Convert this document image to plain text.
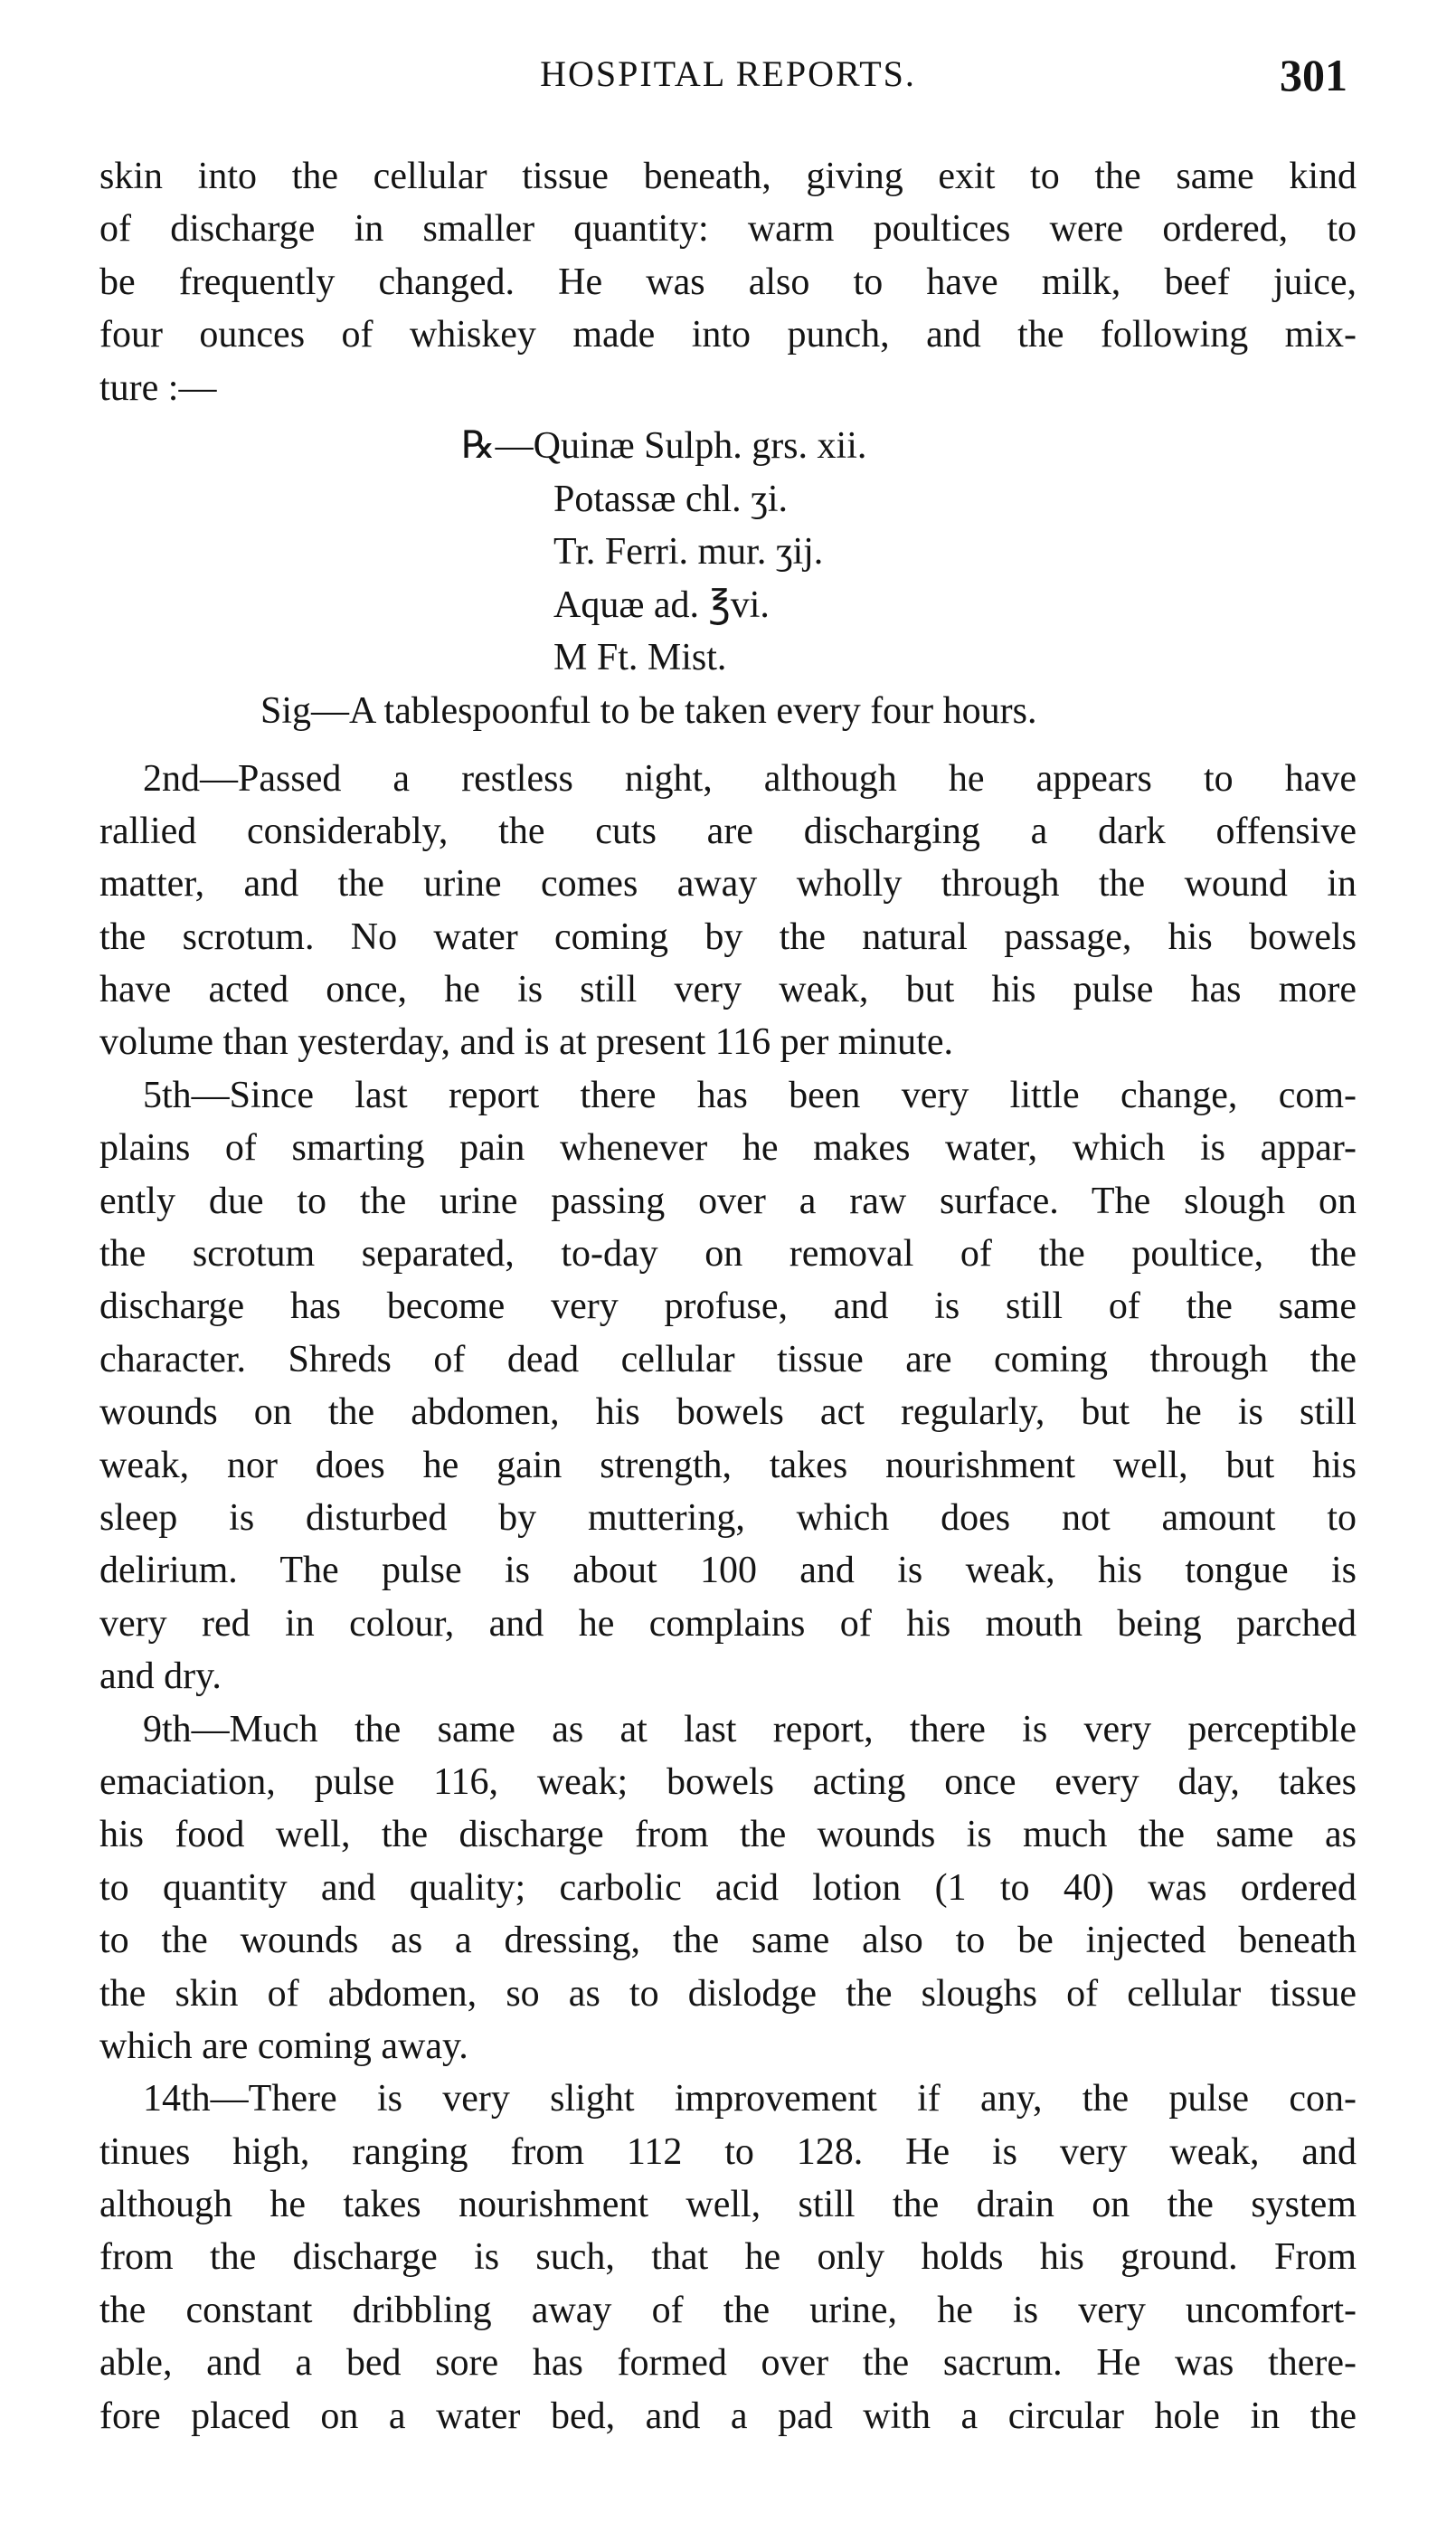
HOSPITAL REPORTS.	301
skin into the cellular tissue beneath, giving exit to the same kind
of discharge in smaller quantity: warm poultices were ordered, to
be frequently changed. He was also to have milk, beef juice,
four ounces of whiskey made into punch, and the following mix-
ture :—
℞—Quinæ Sulph. grs. xii.
Potassæ chl. ʒi.
Tr. Ferri. mur. ʒij.
Aquæ ad. ℥vi.
M Ft. Mist.
Sig—A tablespoonful to be taken every four hours.
2nd—Passed a restless night, although he appears to have
rallied considerably, the cuts are discharging a dark offensive
matter, and the urine comes away wholly through the wound in
the scrotum. No water coming by the natural passage, his bowels
have acted once, he is still very weak, but his pulse has more
volume than yesterday, and is at present 116 per minute.
5th—Since last report there has been very little change, com-
plains of smarting pain whenever he makes water, which is appar-
ently due to the urine passing over a raw surface. The slough on
the scrotum separated, to-day on removal of the poultice, the
discharge has become very profuse, and is still of the same
character. Shreds of dead cellular tissue are coming through the
wounds on the abdomen, his bowels act regularly, but he is still
weak, nor does he gain strength, takes nourishment well, but his
sleep is disturbed by muttering, which does not amount to
delirium. The pulse is about 100 and is weak, his tongue is
very red in colour, and he complains of his mouth being parched
and dry.
9th—Much the same as at last report, there is very perceptible
emaciation, pulse 116, weak; bowels acting once every day, takes
his food well, the discharge from the wounds is much the same as
to quantity and quality; carbolic acid lotion (1 to 40) was ordered
to the wounds as a dressing, the same also to be injected beneath
the skin of abdomen, so as to dislodge the sloughs of cellular tissue
which are coming away.
14th—There is very slight improvement if any, the pulse con-
tinues high, ranging from 112 to 128. He is very weak, and
although he takes nourishment well, still the drain on the system
from the discharge is such, that he only holds his ground. From
the constant dribbling away of the urine, he is very uncomfort-
able, and a bed sore has formed over the sacrum. He was there-
fore placed on a water bed, and a pad with a circular hole in the
